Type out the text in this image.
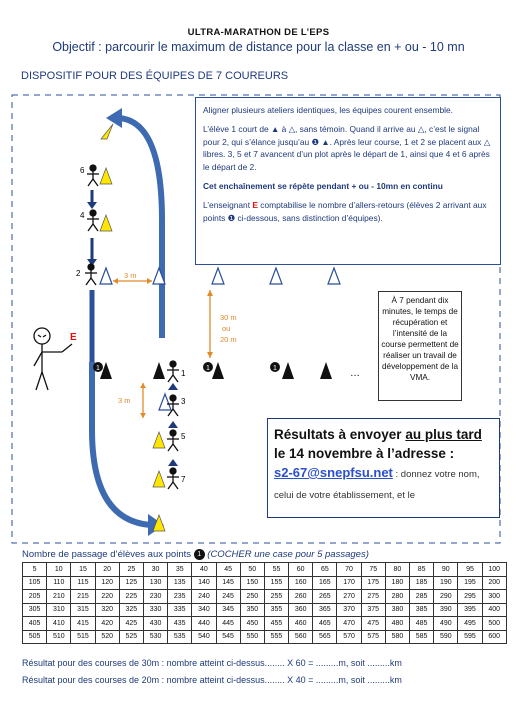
ULTRA-MARATHON DE L’EPS
Objectif : parcourir le maximum de distance pour la classe en + ou - 10 mn
DISPOSITIF POUR DES ÉQUIPES DE 7 COUREURS
1	1	1
6
4
2
1
3
5
7
E
3 m
3 m
30 m
ou
20 m
…

Aligner plusieurs ateliers identiques, les équipes courent ensemble.

L’élève 1 court de ▲ à △, sans témoin. Quand il arrive au △, c’est le signal pour 2, qui s’élance jusqu’au ❶ ▲. Après leur course, 1 et 2 se placent aux △ libres. 3, 5 et 7 avancent d’un plot après le départ de 1, ainsi que 4 et 6 après le départ de 2.

Cet enchaînement se répète pendant + ou - 10mn en continu

L’enseignant E comptabilise le nombre d’allers-retours (élèves 2 arrivant aux points ❶ ci-dessous, sans distinction d’équipes).

À 7 pendant dix minutes, le temps de récupération et l’intensité de la course permettent de réaliser un travail de développement de la VMA.
Résultats à envoyer au plus tard le 14 novembre à l’adresse :
s2-67@snepfsu.net : donnez votre nom, celui de votre établissement, et le
Nombre de passage d’élèves aux points 1 (COCHER une case pour 5 passages)
5	10	15	20	25	30	35	40	45	50	55	60	65	70	75	80	85	90	95	100
105	110	115	120	125	130	135	140	145	150	155	160	165	170	175	180	185	190	195	200
205	210	215	220	225	230	235	240	245	250	255	260	265	270	275	280	285	290	295	300
305	310	315	320	325	330	335	340	345	350	355	360	365	370	375	380	385	390	395	400
405	410	415	420	425	430	435	440	445	450	455	460	465	470	475	480	485	490	495	500
505	510	515	520	525	530	535	540	545	550	555	560	565	570	575	580	585	590	595	600
Résultat pour des courses de 30m : nombre atteint ci-dessus........ X 60 = .........m, soit .........km
Résultat pour des courses de 20m : nombre atteint ci-dessus........ X 40 = .........m, soit .........km
